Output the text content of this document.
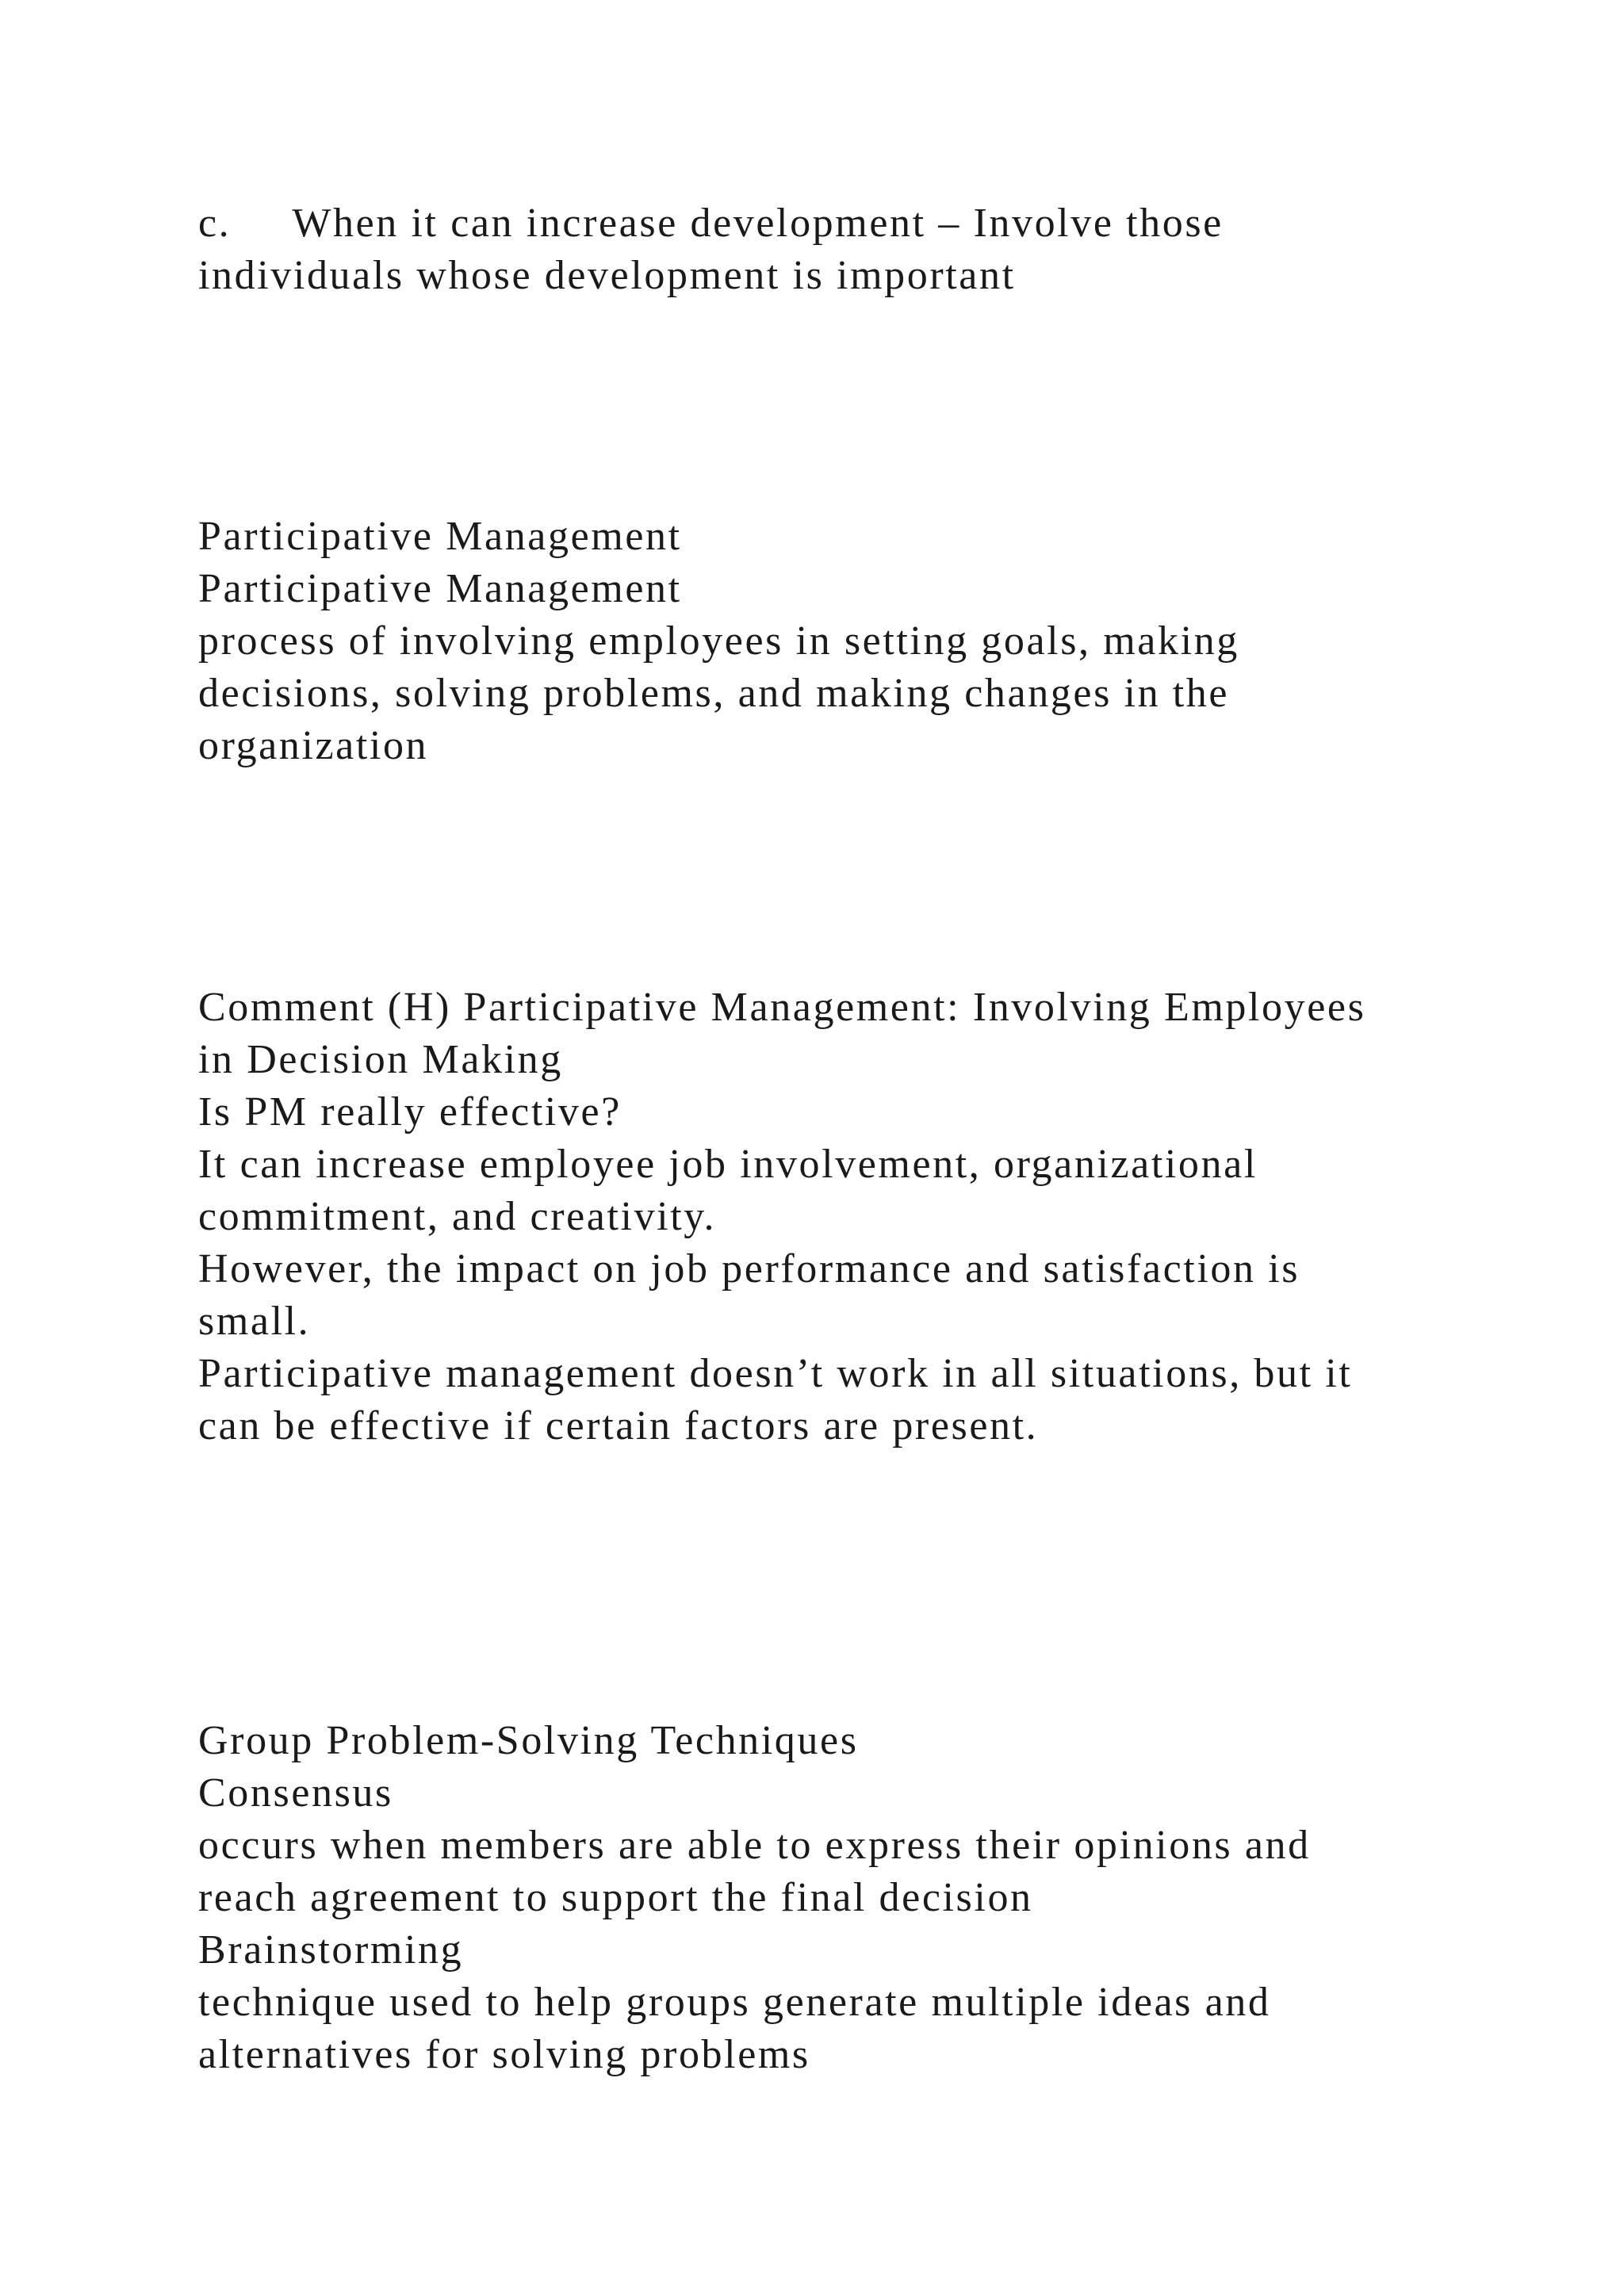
c.     When it can increase development – Involve those

individuals whose development is important

Participative Management

Participative Management

process of involving employees in setting goals, making

decisions, solving problems, and making changes in the

organization

Comment (H) Participative Management: Involving Employees

in Decision Making

Is PM really effective?

It can increase employee job involvement, organizational

commitment, and creativity.

However, the impact on job performance and satisfaction is

small.

Participative management doesn’t work in all situations, but it

can be effective if certain factors are present.

Group Problem-Solving Techniques

Consensus

occurs when members are able to express their opinions and

reach agreement to support the final decision

Brainstorming

technique used to help groups generate multiple ideas and

alternatives for solving problems
